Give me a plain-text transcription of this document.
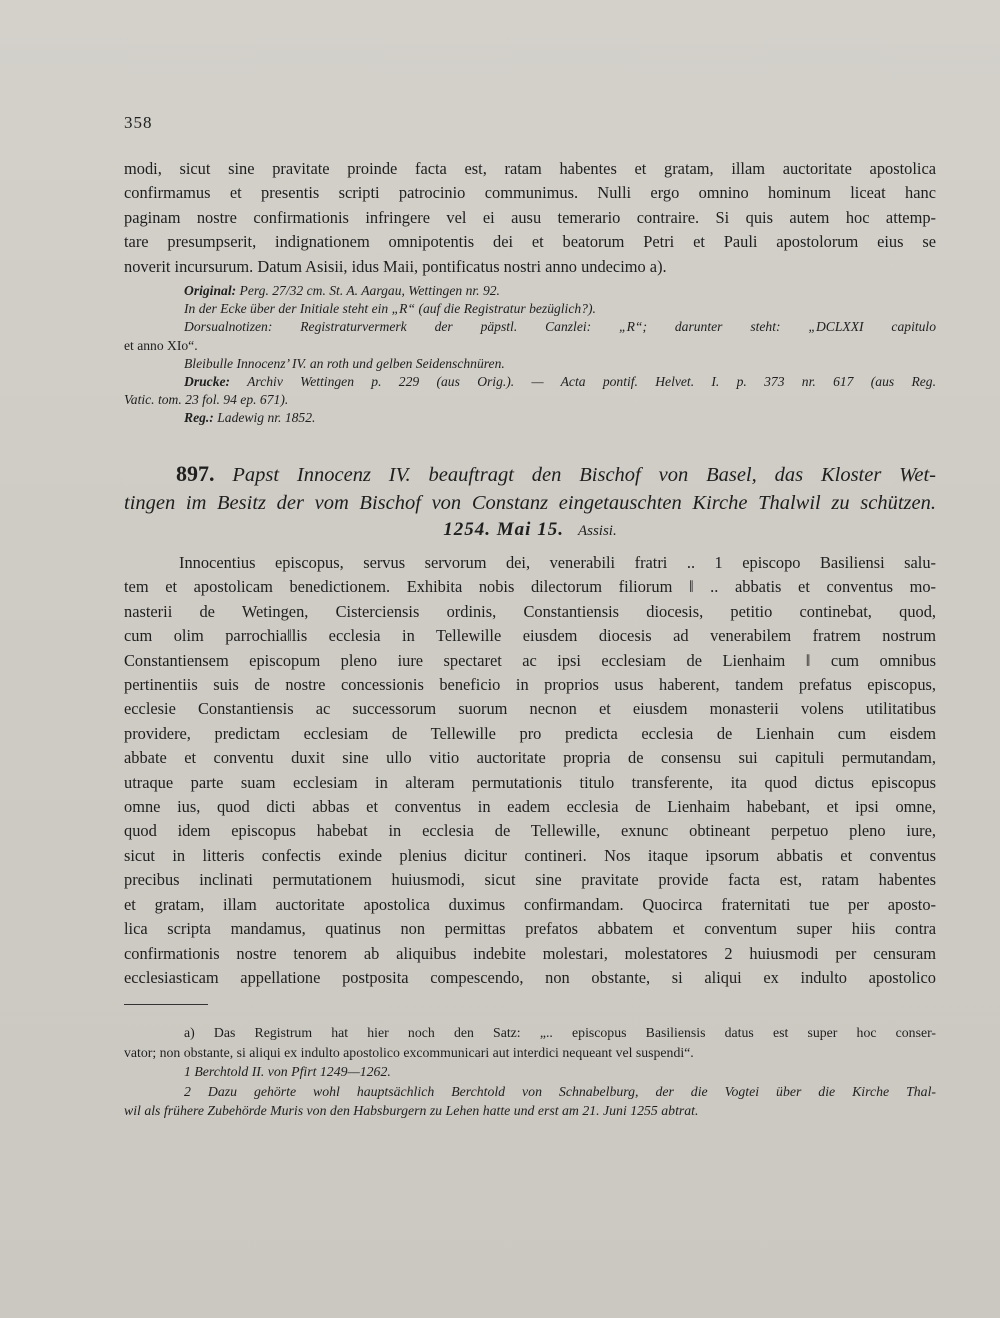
358
modi, sicut sine pravitate proinde facta est, ratam habentes et gratam, illam auctoritate apostolica
confirmamus et presentis scripti patrocinio communimus. Nulli ergo omnino hominum liceat hanc
paginam nostre confirmationis infringere vel ei ausu temerario contraire. Si quis autem hoc attemp-
tare presumpserit, indignationem omnipotentis dei et beatorum Petri et Pauli apostolorum eius se
noverit incursurum. Datum Asisii, idus Maii, pontificatus nostri anno undecimo a).
Original: Perg. 27/32 cm. St. A. Aargau, Wettingen nr. 92.
In der Ecke über der Initiale steht ein „R“ (auf die Registratur bezüglich?).
Dorsualnotizen: Registraturvermerk der päpstl. Canzlei: „R“; darunter steht: „DCLXXI capitulo
et anno XIo“.
Bleibulle Innocenz’ IV. an roth und gelben Seidenschnüren.
Drucke: Archiv Wettingen p. 229 (aus Orig.). — Acta pontif. Helvet. I. p. 373 nr. 617 (aus Reg.
Vatic. tom. 23 fol. 94 ep. 671).
Reg.: Ladewig nr. 1852.
897. Papst Innocenz IV. beauftragt den Bischof von Basel, das Kloster Wet-
tingen im Besitz der vom Bischof von Constanz eingetauschten Kirche Thalwil zu schützen.
1254. Mai 15. Assisi.
Innocentius episcopus, servus servorum dei, venerabili fratri .. 1 episcopo Basiliensi salu-
tem et apostolicam benedictionem. Exhibita nobis dilectorum filiorum ‖ .. abbatis et conventus mo-
nasterii de Wetingen, Cisterciensis ordinis, Constantiensis diocesis, petitio continebat, quod,
cum olim parrochia‖lis ecclesia in Tellewille eiusdem diocesis ad venerabilem fratrem nostrum
Constantiensem episcopum pleno iure spectaret ac ipsi ecclesiam de Lienhaim ‖ cum omnibus
pertinentiis suis de nostre concessionis beneficio in proprios usus haberent, tandem prefatus episcopus,
ecclesie Constantiensis ac successorum suorum necnon et eiusdem monasterii volens utilitatibus
providere, predictam ecclesiam de Tellewille pro predicta ecclesia de Lienhain cum eisdem
abbate et conventu duxit sine ullo vitio auctoritate propria de consensu sui capituli permutandam,
utraque parte suam ecclesiam in alteram permutationis titulo transferente, ita quod dictus episcopus
omne ius, quod dicti abbas et conventus in eadem ecclesia de Lienhaim habebant, et ipsi omne,
quod idem episcopus habebat in ecclesia de Tellewille, exnunc obtineant perpetuo pleno iure,
sicut in litteris confectis exinde plenius dicitur contineri. Nos itaque ipsorum abbatis et conventus
precibus inclinati permutationem huiusmodi, sicut sine pravitate provide facta est, ratam habentes
et gratam, illam auctoritate apostolica duximus confirmandam. Quocirca fraternitati tue per aposto-
lica scripta mandamus, quatinus non permittas prefatos abbatem et conventum super hiis contra
confirmationis nostre tenorem ab aliquibus indebite molestari, molestatores 2 huiusmodi per censuram
ecclesiasticam appellatione postposita compescendo, non obstante, si aliqui ex indulto apostolico
a) Das Registrum hat hier noch den Satz: „.. episcopus Basiliensis datus est super hoc conser-
vator; non obstante, si aliqui ex indulto apostolico excommunicari aut interdici nequeant vel suspendi“.
1 Berchtold II. von Pfirt 1249—1262.
2 Dazu gehörte wohl hauptsächlich Berchtold von Schnabelburg, der die Vogtei über die Kirche Thal-
wil als frühere Zubehörde Muris von den Habsburgern zu Lehen hatte und erst am 21. Juni 1255 abtrat.
